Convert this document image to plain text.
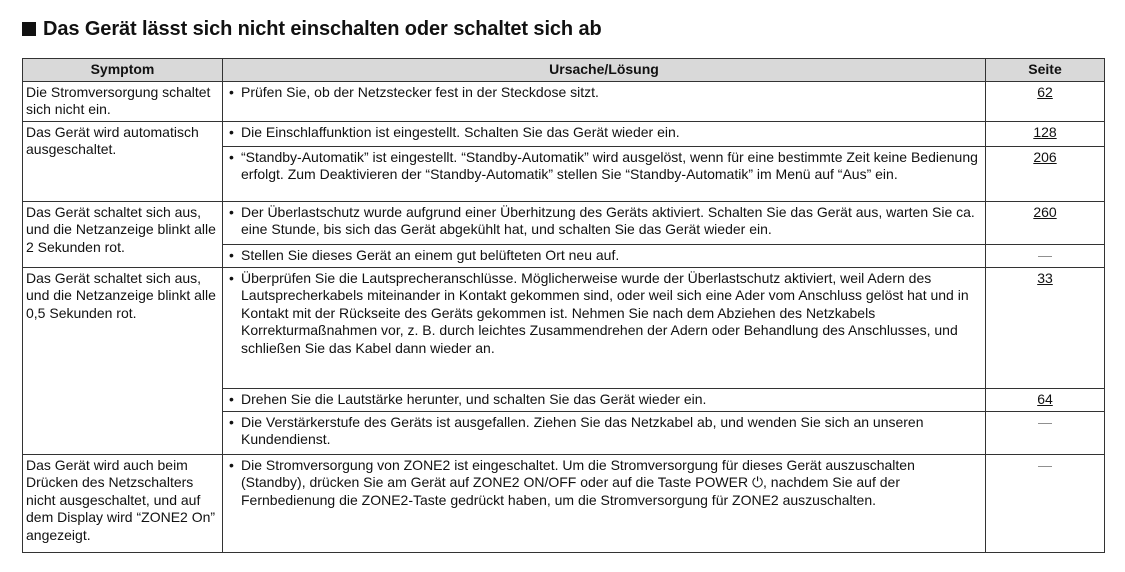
Das Gerät lässt sich nicht einschalten oder schaltet sich ab
Symptom	Ursache/Lösung	Seite
Die Stromversorgung schaltet sich nicht ein.	• Prüfen Sie, ob der Netzstecker fest in der Steckdose sitzt.	62
Das Gerät wird automatisch ausgeschaltet.	• Die Einschlaffunktion ist eingestellt. Schalten Sie das Gerät wieder ein.	128

	• “Standby-Automatik” ist eingestellt. “Standby-Automatik” wird ausgelöst, wenn für eine bestimmte Zeit keine Bedienung erfolgt. Zum Deaktivieren der “Standby-Automatik” stellen Sie “Standby-Automatik” im Menü auf “Aus” ein.	206
Das Gerät schaltet sich aus, und die Netzanzeige blinkt alle 2 Sekunden rot.	• Der Überlastschutz wurde aufgrund einer Überhitzung des Geräts aktiviert. Schalten Sie das Gerät aus, warten Sie ca. eine Stunde, bis sich das Gerät abgekühlt hat, und schalten Sie das Gerät wieder ein.	260

	• Stellen Sie dieses Gerät an einem gut belüfteten Ort neu auf.	—
Das Gerät schaltet sich aus, und die Netzanzeige blinkt alle 0,5 Sekunden rot.	• Überprüfen Sie die Lautsprecheranschlüsse. Möglicherweise wurde der Überlastschutz aktiviert, weil Adern des Lautsprecherkabels miteinander in Kontakt gekommen sind, oder weil sich eine Ader vom Anschluss gelöst hat und in Kontakt mit der Rückseite des Geräts gekommen ist. Nehmen Sie nach dem Abziehen des Netzkabels Korrekturmaßnahmen vor, z. B. durch leichtes Zusammendrehen der Adern oder Behandlung des Anschlusses, und schließen Sie das Kabel dann wieder an.	33

	• Drehen Sie die Lautstärke herunter, und schalten Sie das Gerät wieder ein.	64

	• Die Verstärkerstufe des Geräts ist ausgefallen. Ziehen Sie das Netzkabel ab, und wenden Sie sich an unseren Kundendienst.	—
Das Gerät wird auch beim Drücken des Netzschalters nicht ausgeschaltet, und auf dem Display wird “ZONE2 On” angezeigt.	• Die Stromversorgung von ZONE2 ist eingeschaltet. Um die Stromversorgung für dieses Gerät auszuschalten (Standby), drücken Sie am Gerät auf ZONE2 ON/OFF oder auf die Taste POWER ⏻, nachdem Sie auf der Fernbedienung die ZONE2-Taste gedrückt haben, um die Stromversorgung für ZONE2 auszuschalten.	—
